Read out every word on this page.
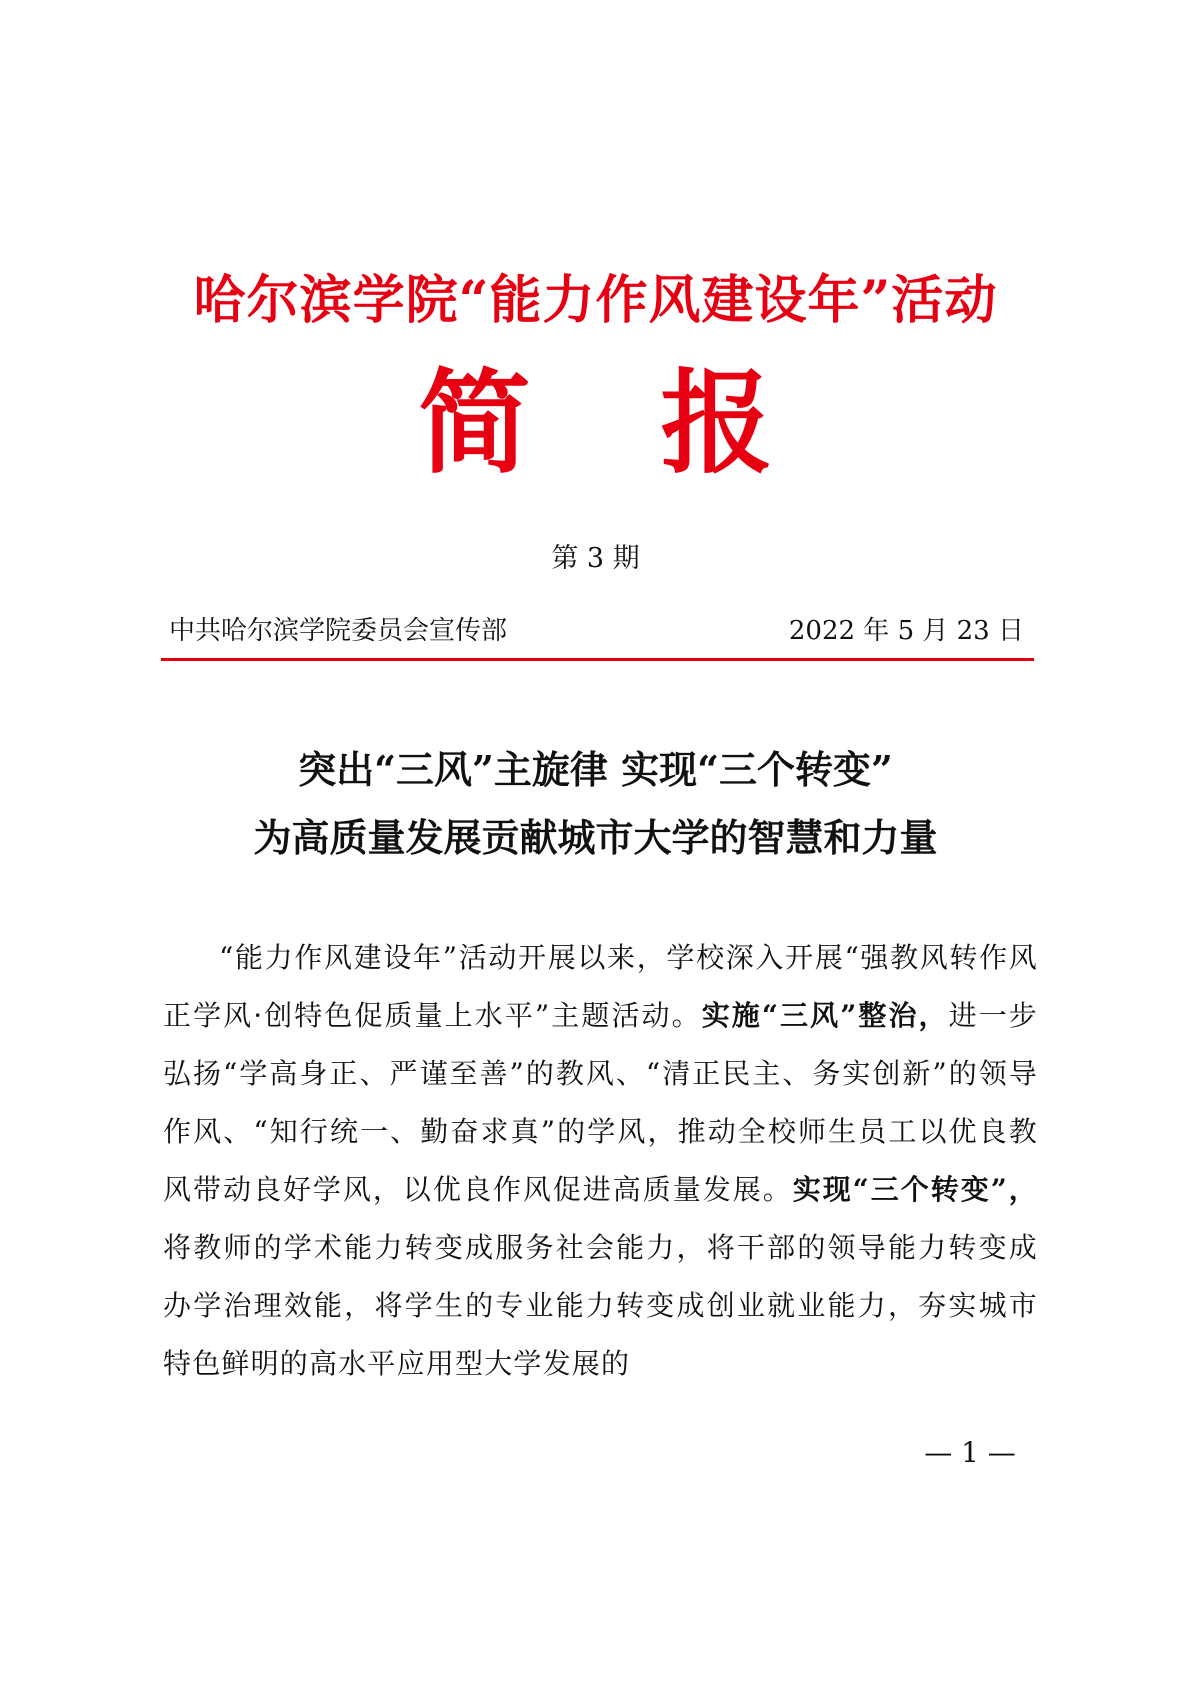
哈尔滨学院“能力作风建设年”活动
简 报
第 3 期
中共哈尔滨学院委员会宣传部	2022 年 5 月 23 日
突出“三风”主旋律 实现“三个转变”
为高质量发展贡献城市大学的智慧和力量
“能力作风建设年”活动开展以来，学校深入开展“强教风转作风正学风·创特色促质量上水平”主题活动。实施“三风”整治，进一步弘扬“学高身正、严谨至善”的教风、“清正民主、务实创新”的领导作风、“知行统一、勤奋求真”的学风，推动全校师生员工以优良教风带动良好学风，以优良作风促进高质量发展。实现“三个转变”，将教师的学术能力转变成服务社会能力，将干部的领导能力转变成办学治理效能，将学生的专业能力转变成创业就业能力，夯实城市特色鲜明的高水平应用型大学发展的
— 1 —
